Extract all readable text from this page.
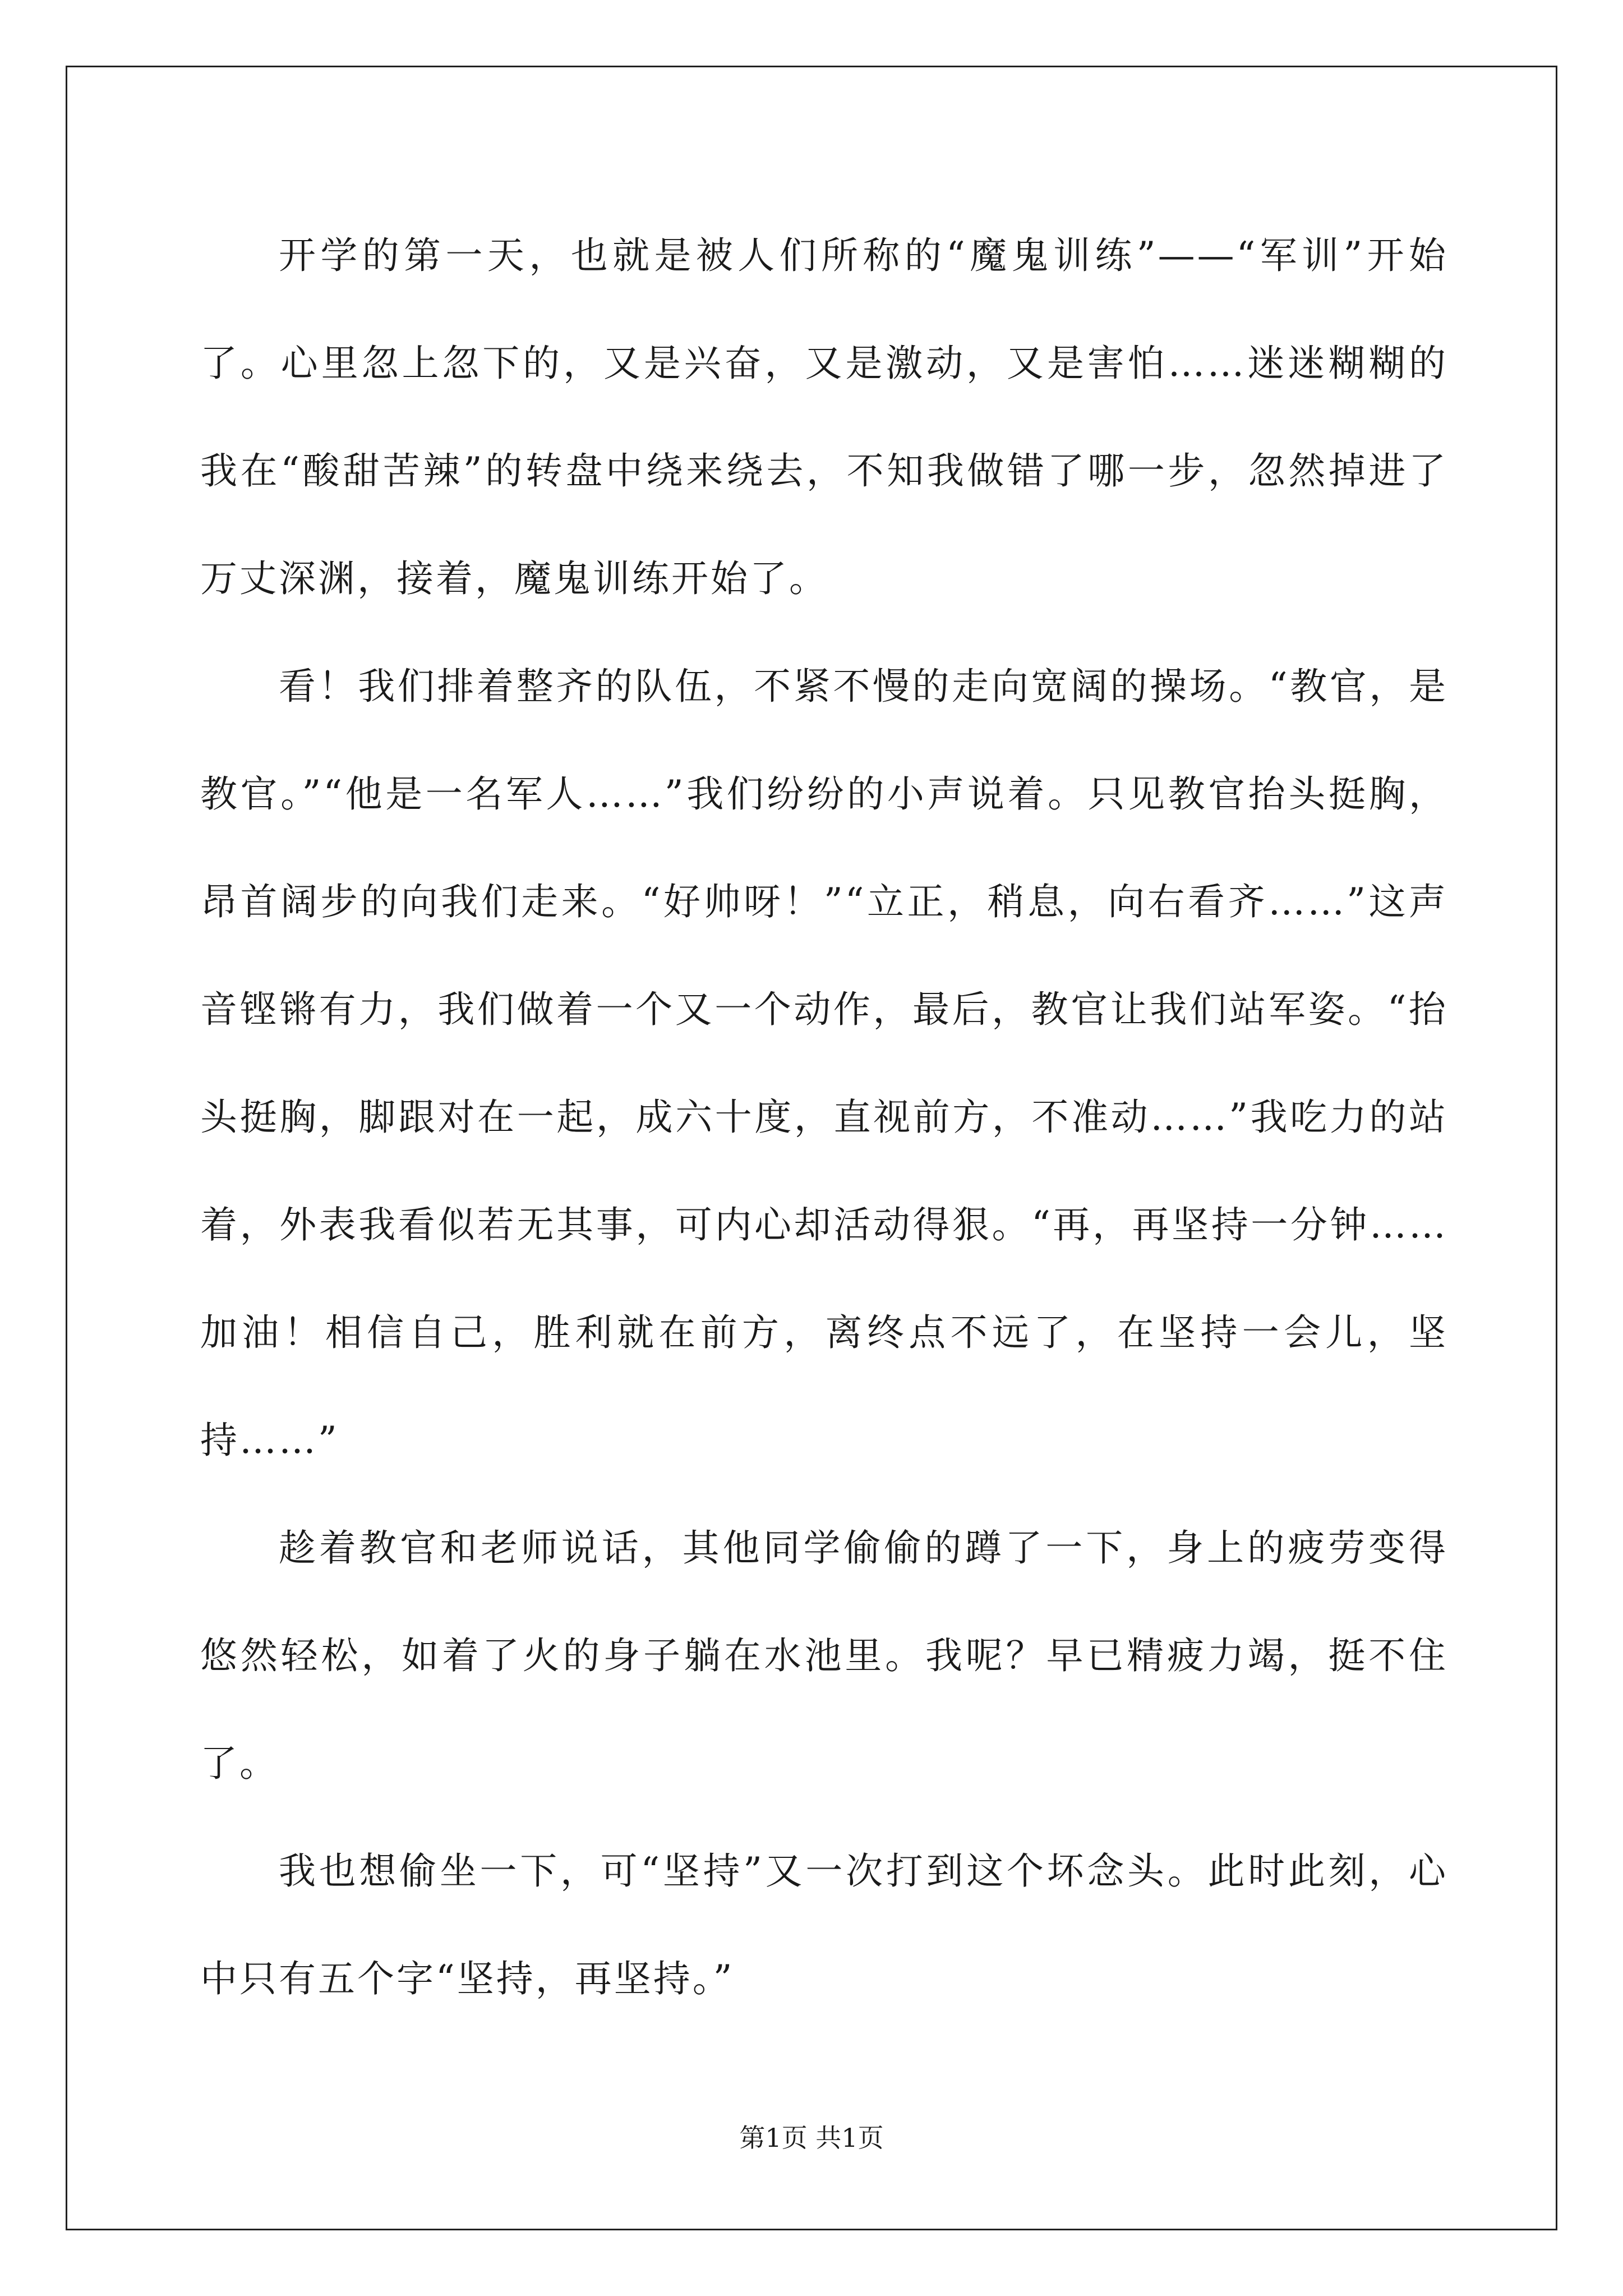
开学的第一天，也就是被人们所称的“魔鬼训练”——“军训”开始了。心里忽上忽下的，又是兴奋，又是激动，又是害怕……迷迷糊糊的我在“酸甜苦辣”的转盘中绕来绕去，不知我做错了哪一步，忽然掉进了万丈深渊，接着，魔鬼训练开始了。

看！我们排着整齐的队伍，不紧不慢的走向宽阔的操场。“教官，是教官。”“他是一名军人……”我们纷纷的小声说着。只见教官抬头挺胸，昂首阔步的向我们走来。“好帅呀！”“立正，稍息，向右看齐……”这声音铿锵有力，我们做着一个又一个动作，最后，教官让我们站军姿。“抬头挺胸，脚跟对在一起，成六十度，直视前方，不准动……”我吃力的站着，外表我看似若无其事，可内心却活动得狠。“再，再坚持一分钟……加油！相信自己，胜利就在前方，离终点不远了，在坚持一会儿，坚持……”

趁着教官和老师说话，其他同学偷偷的蹲了一下，身上的疲劳变得悠然轻松，如着了火的身子躺在水池里。我呢？早已精疲力竭，挺不住了。

我也想偷坐一下，可“坚持”又一次打到这个坏念头。此时此刻，心中只有五个字“坚持，再坚持。”

第1页 共1页
